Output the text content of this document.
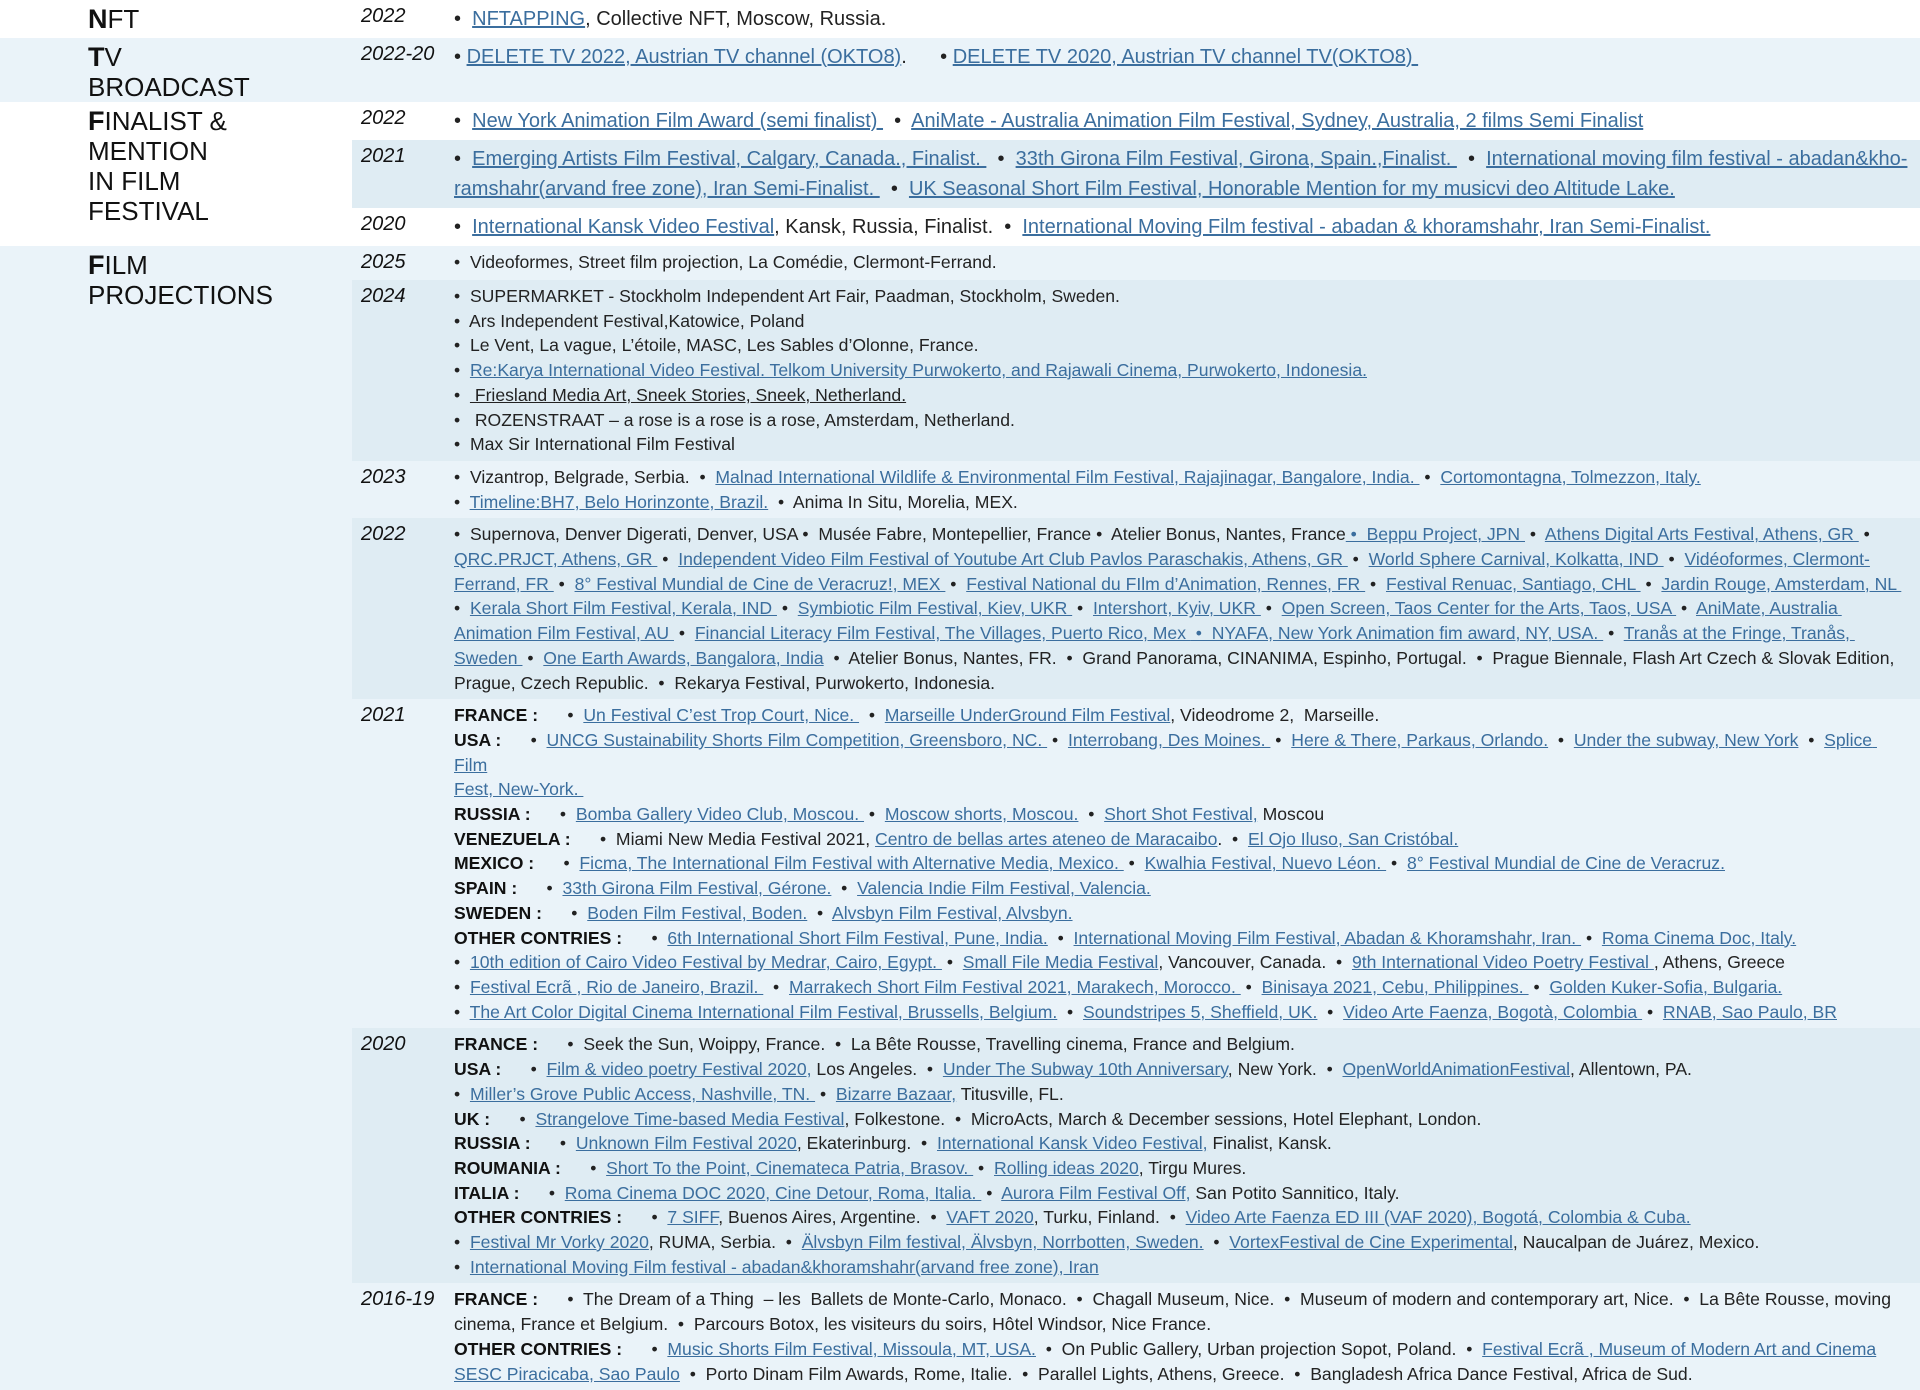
NFT	2022	•  NFTAPPING, Collective NFT, Moscow, Russia.
TV BROADCAST
2022-20 • DELETE TV 2022, Austrian TV channel (OKTO8).      • DELETE TV 2020, Austrian TV channel TV(OKTO8)
FINALIST &
MENTION
IN FILM FESTIVAL
2022	•  New York Animation Film Award (semi finalist)   •  AniMate - Australia Animation Film Festival, Sydney, Australia, 2 films Semi Finalist
2021	•  Emerging Artists Film Festival, Calgary, Canada., Finalist.   •  33th Girona Film Festival, Girona, Spain.,Finalist.   •  International moving film festival - abadan&kho-
ramshahr(arvand free zone), Iran Semi-Finalist.   •  UK Seasonal Short Film Festival, Honorable Mention for my musicvi deo Altitude Lake.
2020	•  International Kansk Video Festival, Kansk, Russia, Finalist.  •  International Moving Film festival - abadan & khoramshahr, Iran Semi-Finalist.
FILM PROJECTIONS
2025	•  Videoformes, Street film projection, La Comédie, Clermont-Ferrand.
2024	•  SUPERMARKET - Stockholm Independent Art Fair, Paadman, Stockholm, Sweden.
•  Ars Independent Festival,Katowice, Poland
•  Le Vent, La vague, L’étoile, MASC, Les Sables d’Olonne, France.
•  Re:Karya International Video Festival. Telkom University Purwokerto, and Rajawali Cinema, Purwokerto, Indonesia.
•   Friesland Media Art, Sneek Stories, Sneek, Netherland.
•   ROZENSTRAAT – a rose is a rose is a rose, Amsterdam, Netherland.
•  Max Sir International Film Festival
2023	•  Vizantrop, Belgrade, Serbia.  •  Malnad International Wildlife & Environmental Film Festival, Rajajinagar, Bangalore, India.  •  Cortomontagna, Tolmezzon, Italy.
•  Timeline:BH7, Belo Horinzonte, Brazil.  •  Anima In Situ, Morelia, MEX.
2022	•  Supernova, Denver Digerati, Denver, USA •  Musée Fabre, Montepellier, France •  Atelier Bonus, Nantes, France •  Beppu Project, JPN  •  Athens Digital Arts Festival, Athens, GR  •  QRC.PRJCT, Athens, GR  •  Independent Video Film Festival of Youtube Art Club Pavlos Paraschakis, Athens, GR  •  World Sphere Carnival, Kolkatta, IND  •  Vidéoformes, Clermont-Ferrand, FR  •  8° Festival Mundial de Cine de Veracruz!, MEX  •  Festival National du FIlm d’Animation, Rennes, FR  •  Festival Renuac, Santiago, CHL  •  Jardin Rouge, Amsterdam, NL   •  Kerala Short Film Festival, Kerala, IND  •  Symbiotic Film Festival, Kiev, UKR  •  Intershort, Kyiv, UKR  •  Open Screen, Taos Center for the Arts, Taos, USA  •  AniMate, Australia Animation Film Festival, AU  •  Financial Literacy Film Festival, The Villages, Puerto Rico, Mex  •  NYAFA, New York Animation fim award, NY, USA.  •  Tranås at the Fringe, Tranås, Sweden  •  One Earth Awards, Bangalora, India  •  Atelier Bonus, Nantes, FR.  •  Grand Panorama, CINANIMA, Espinho, Portugal.  •  Prague Biennale, Flash Art Czech & Slovak Edition, Prague, Czech Republic.  •  Rekarya Festival, Purwokerto, Indonesia.
2021	FRANCE :      •  Un Festival C’est Trop Court, Nice.   •  Marseille UnderGround Film Festival, Videodrome 2,  Marseille.
USA :      •  UNCG Sustainability Shorts Film Competition, Greensboro, NC.  •  Interrobang, Des Moines.  •  Here & There, Parkaus, Orlando.  •  Under the subway, New York  •  Splice Film
Fest, New-York.
RUSSIA :      •  Bomba Gallery Video Club, Moscou.  •  Moscow shorts, Moscou.  •  Short Shot Festival, Moscou
VENEZUELA :      •  Miami New Media Festival 2021, Centro de bellas artes ateneo de Maracaibo.  •  El Ojo Iluso, San Cristóbal.
MEXICO :      •  Ficma, The International Film Festival with Alternative Media, Mexico.  •  Kwalhia Festival, Nuevo Léon.  •  8° Festival Mundial de Cine de Veracruz.
SPAIN :      •  33th Girona Film Festival, Gérone.  •  Valencia Indie Film Festival, Valencia.
SWEDEN :      •  Boden Film Festival, Boden.  •  Alvsbyn Film Festival, Alvsbyn.
OTHER CONTRIES :      •  6th International Short Film Festival, Pune, India.  •  International Moving Film Festival, Abadan & Khoramshahr, Iran.  •  Roma Cinema Doc, Italy.
•  10th edition of Cairo Video Festival by Medrar, Cairo, Egypt.  •  Small File Media Festival, Vancouver, Canada.  •  9th International Video Poetry Festival , Athens, Greece
•  Festival Ecrã , Rio de Janeiro, Brazil.   •  Marrakech Short Film Festival 2021, Marakech, Morocco.  •  Binisaya 2021, Cebu, Philippines.  •  Golden Kuker-Sofia, Bulgaria.
•  The Art Color Digital Cinema International Film Festival, Brussells, Belgium.  •  Soundstripes 5, Sheffield, UK.  •  Video Arte Faenza, Bogotà, Colombia  •  RNAB, Sao Paulo, BR
2020	FRANCE :      •  Seek the Sun, Woippy, France.  •  La Bête Rousse, Travelling cinema, France and Belgium.
USA :      •  Film & video poetry Festival 2020, Los Angeles.  •  Under The Subway 10th Anniversary, New York.  •  OpenWorldAnimationFestival, Allentown, PA.
•  Miller’s Grove Public Access, Nashville, TN.  •  Bizarre Bazaar, Titusville, FL.
UK :      •  Strangelove Time-based Media Festival, Folkestone.  •  MicroActs, March & December sessions, Hotel Elephant, London.
RUSSIA :      •  Unknown Film Festival 2020, Ekaterinburg.  •  International Kansk Video Festival, Finalist, Kansk.
ROUMANIA :      •  Short To the Point, Cinemateca Patria, Brasov.  •  Rolling ideas 2020, Tirgu Mures.
ITALIA :      •  Roma Cinema DOC 2020, Cine Detour, Roma, Italia.  •  Aurora Film Festival Off, San Potito Sannitico, Italy.
OTHER CONTRIES :      •  7 SIFF, Buenos Aires, Argentine.  •  VAFT 2020, Turku, Finland.  •  Video Arte Faenza ED III (VAF 2020), Bogotá, Colombia & Cuba.
•  Festival Mr Vorky 2020, RUMA, Serbia.  •  Älvsbyn Film festival, Älvsbyn, Norrbotten, Sweden.  •  VortexFestival de Cine Experimental, Naucalpan de Juárez, Mexico.
•  International Moving Film festival - abadan&khoramshahr(arvand free zone), Iran
2016-19	FRANCE :      •  The Dream of a Thing  – les  Ballets de Monte-Carlo, Monaco.  •  Chagall Museum, Nice.  •  Museum of modern and contemporary art, Nice.  •  La Bête Rousse, moving cinema, France et Belgium.  •  Parcours Botox, les visiteurs du soirs, Hôtel Windsor, Nice France.
OTHER CONTRIES :      •  Music Shorts Film Festival, Missoula, MT, USA.  •  On Public Gallery, Urban projection Sopot, Poland.  •  Festival Ecrã , Museum of Modern Art and Cinema
SESC Piracicaba, Sao Paulo  •  Porto Dinam Film Awards, Rome, Italie.  •  Parallel Lights, Athens, Greece.  •  Bangladesh Africa Dance Festival, Africa de Sud.
